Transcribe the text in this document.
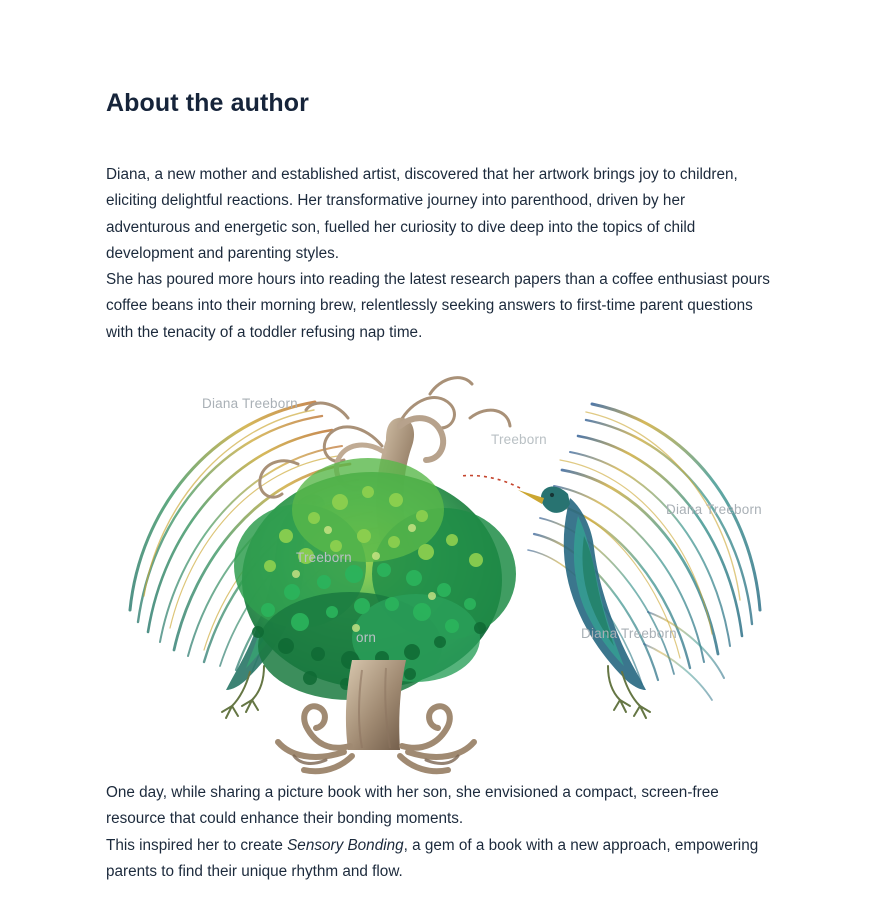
About the author

Diana, a new mother and established artist, discovered that her artwork brings joy to children, eliciting delightful reactions. Her transformative journey into parenthood, driven by her adventurous and energetic son, fuelled her curiosity to dive deep into the topics of child development and parenting styles.

She has poured more hours into reading the latest research papers than a coffee enthusiast pours coffee beans into their morning brew, relentlessly seeking answers to first-time parent questions with the tenacity of a toddler refusing nap time.

Diana Treeborn
Treeborn
Treeborn
Diana Treeborn
orn	Diana Treeborn

One day, while sharing a picture book with her son, she envisioned a compact, screen-free resource that could enhance their bonding moments.

This inspired her to create Sensory Bonding, a gem of a book with a new approach, empowering parents to find their unique rhythm and flow.
